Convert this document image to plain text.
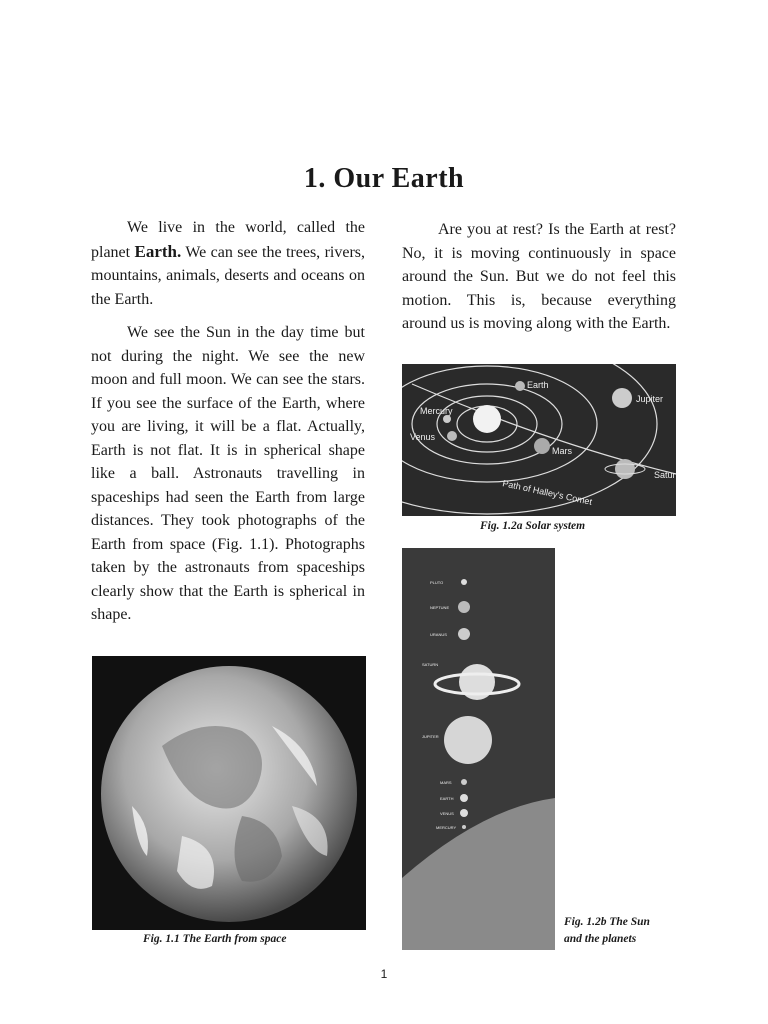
1. Our Earth

We live in the world, called the planet Earth. We can see the trees, rivers, mountains, animals, deserts and oceans on the Earth.

We see the Sun in the day time but not during the night. We see the new moon and full moon. We can see the stars. If you see the surface of the Earth, where you are living, it will be a flat. Actually, Earth is not flat. It is in spherical shape like a ball. Astronauts travelling in spaceships had seen the Earth from large distances. They took photographs of the Earth from space (Fig. 1.1). Photographs taken by the astronauts from spaceships clearly show that the Earth is spherical in shape.

Are you at rest? Is the Earth at rest? No, it is moving continuously in space around the Sun. But we do not feel this motion. This is, because everything around us is moving along with the Earth.

Fig. 1.1 The Earth from space
Earth
Jupiter
Mercury
Venus
Mars
Satur
Path of Halley's Comet
Fig. 1.2a Solar system
PLUTO
NEPTUNE
URANUS
SATURN
JUPITER
MARS
EARTH
VENUS
MERCURY
Fig. 1.2b The Sun
and the planets
1
